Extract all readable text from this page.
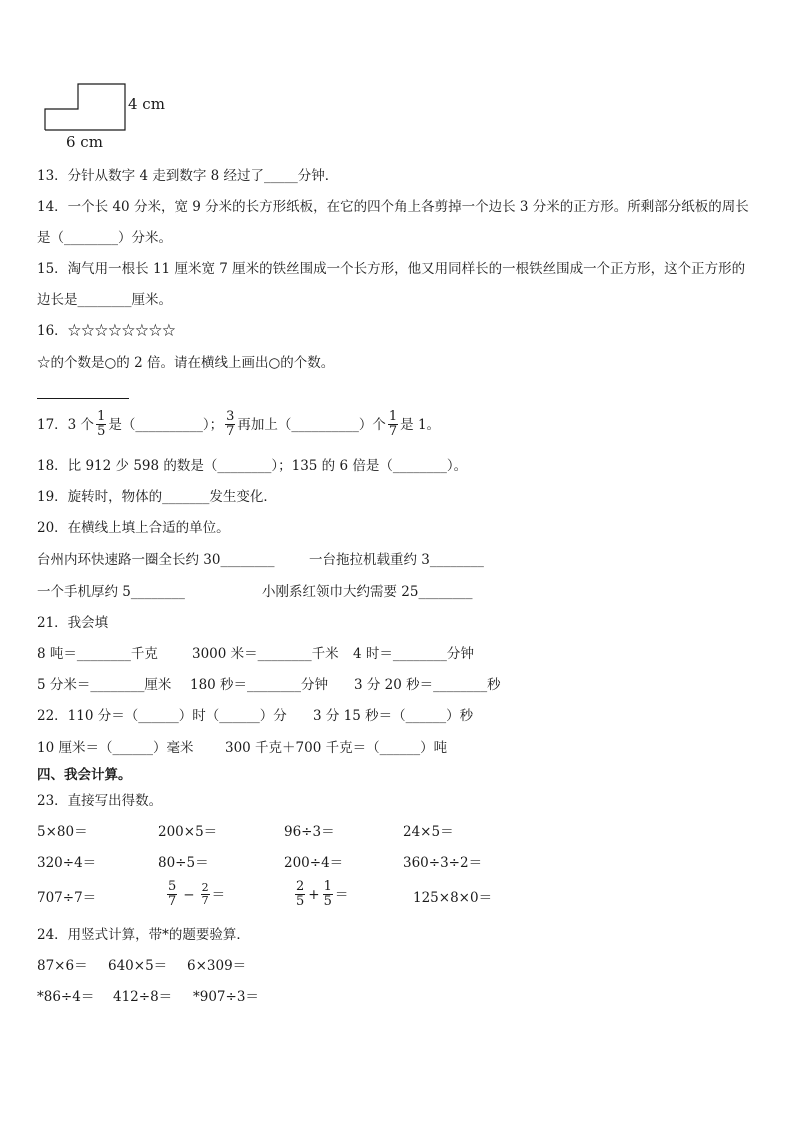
4 cm
6 cm
13．分针从数字 4 走到数字 8 经过了_____分钟．
14．一个长 40 分米，宽 9 分米的长方形纸板，在它的四个角上各剪掉一个边长 3 分米的正方形。所剩部分纸板的周长
是（________）分米。
15．淘气用一根长 11 厘米宽 7 厘米的铁丝围成一个长方形，他又用同样长的一根铁丝围成一个正方形，这个正方形的
边长是________厘米。
16．☆☆☆☆☆☆☆☆
☆的个数是○的 2 倍。请在横线上画出○的个数。
17．3 个 $\frac{1}{5}$ 是（__________）； $\frac{3}{7}$ 再加上（__________）个 $\frac{1}{7}$ 是 1。
18．比 912 少 598 的数是（________）；135 的 6 倍是（________）。
19．旋转时，物体的_______发生变化．
20．在横线上填上合适的单位。
台州内环快速路一圈全长约 30________	一台拖拉机载重约 3________
一个手机厚约 5________	小刚系红领巾大约需要 25________
21．我会填
8 吨＝________千克	3000 米＝________千米 4 时＝________分钟
5 分米＝________厘米 180 秒＝________分钟 3 分 20 秒＝________秒
22．110 分＝（______）时（______）分 3 分 15 秒＝（______）秒
10 厘米＝（______）毫米 300 千克＋700 千克＝（______）吨
四、我会计算。
23．直接写出得数。
5×80＝	200×5＝	96÷3＝	24×5＝
320÷4＝	80÷5＝	200÷4＝	360÷3÷2＝
707÷7＝	$\frac{5}{7} - \frac{2}{7}$ ＝	$\frac{2}{5} + \frac{1}{5}$ ＝	125×8×0＝
24．用竖式计算，带*的题要验算．
87×6＝ 640×5＝ 6×309＝
*86÷4＝ 412÷8＝ *907÷3＝
